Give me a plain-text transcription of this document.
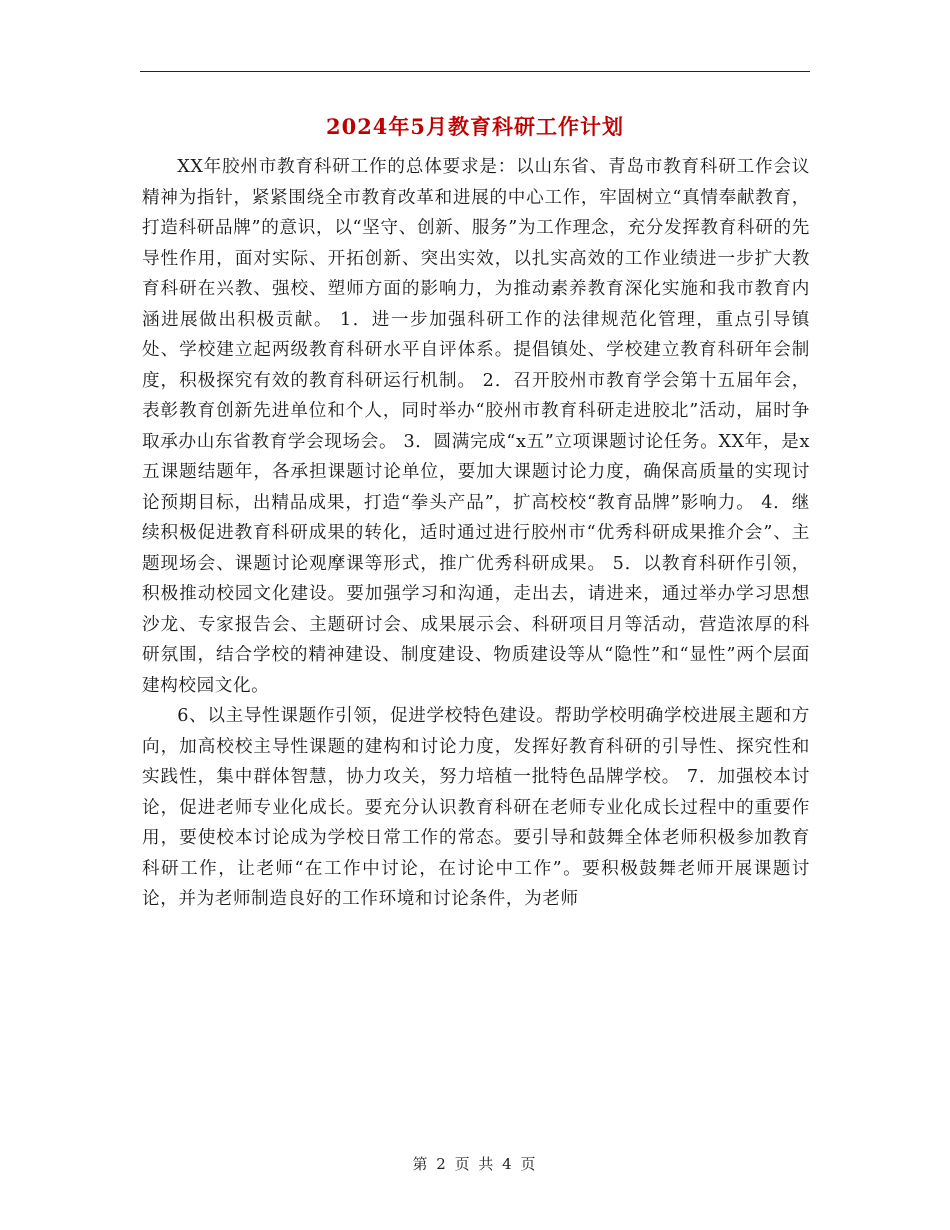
2024年5月教育科研工作计划

XX年胶州市教育科研工作的总体要求是：以山东省、青岛市教育科研工作会议精神为指针，紧紧围绕全市教育改革和进展的中心工作，牢固树立“真情奉献教育，打造科研品牌”的意识，以“坚守、创新、服务”为工作理念，充分发挥教育科研的先导性作用，面对实际、开拓创新、突出实效，以扎实高效的工作业绩进一步扩大教育科研在兴教、强校、塑师方面的影响力，为推动素养教育深化实施和我市教育内涵进展做出积极贡献。 1．进一步加强科研工作的法律规范化管理，重点引导镇处、学校建立起两级教育科研水平自评体系。提倡镇处、学校建立教育科研年会制度，积极探究有效的教育科研运行机制。 2．召开胶州市教育学会第十五届年会，表彰教育创新先进单位和个人，同时举办“胶州市教育科研走进胶北”活动，届时争取承办山东省教育学会现场会。 3．圆满完成“x五”立项课题讨论任务。XX年，是x五课题结题年，各承担课题讨论单位，要加大课题讨论力度，确保高质量的实现讨论预期目标，出精品成果，打造“拳头产品”，扩高校校“教育品牌”影响力。 4．继续积极促进教育科研成果的转化，适时通过进行胶州市“优秀科研成果推介会”、主题现场会、课题讨论观摩课等形式，推广优秀科研成果。 5．以教育科研作引领，积极推动校园文化建设。要加强学习和沟通，走出去，请进来，通过举办学习思想沙龙、专家报告会、主题研讨会、成果展示会、科研项目月等活动，营造浓厚的科研氛围，结合学校的精神建设、制度建设、物质建设等从“隐性”和“显性”两个层面建构校园文化。

6、以主导性课题作引领，促进学校特色建设。帮助学校明确学校进展主题和方向，加高校校主导性课题的建构和讨论力度，发挥好教育科研的引导性、探究性和实践性，集中群体智慧，协力攻关，努力培植一批特色品牌学校。 7．加强校本讨论，促进老师专业化成长。要充分认识教育科研在老师专业化成长过程中的重要作用，要使校本讨论成为学校日常工作的常态。要引导和鼓舞全体老师积极参加教育科研工作，让老师“在工作中讨论，在讨论中工作”。要积极鼓舞老师开展课题讨论，并为老师制造良好的工作环境和讨论条件，为老师

第 2 页 共 4 页
